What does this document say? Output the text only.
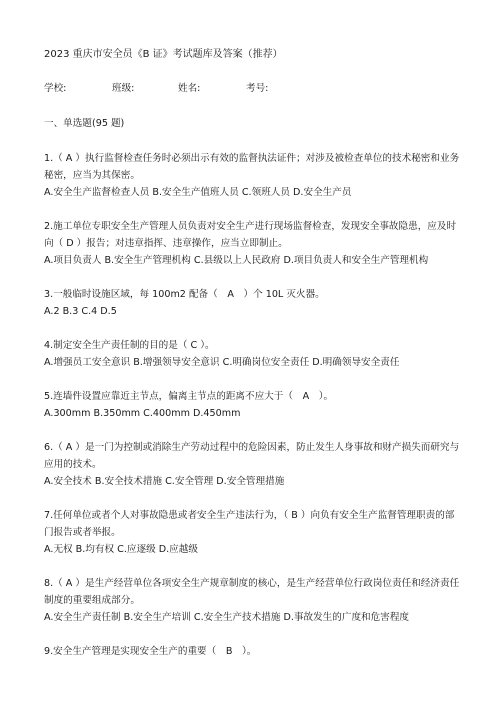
2023 重庆市安全员《B 证》考试题库及答案（推荐）
学校:	班级:	姓名:	考号:
一、单选题(95 题)

1.（ A ）执行监督检查任务时必须出示有效的监督执法证件；对涉及被检查单位的技术秘密和业务秘密，应当为其保密。

A.安全生产监督检查人员 B.安全生产值班人员 C.领班人员 D.安全生产员

2.施工单位专职安全生产管理人员负责对安全生产进行现场监督检查，发现安全事故隐患，应及时向（ D ）报告；对违章指挥、违章操作，应当立即制止。

A.项目负责人 B.安全生产管理机构 C.县级以上人民政府 D.项目负责人和安全生产管理机构

3.一般临时设施区域，每 100m2 配备（　A　）个 10L 灭火器。

A.2 B.3 C.4 D.5

4.制定安全生产责任制的目的是（ C ）。

A.增强员工安全意识 B.增强领导安全意识 C.明确岗位安全责任 D.明确领导安全责任

5.连墙件设置应靠近主节点，偏离主节点的距离不应大于（　A　）。

A.300mm B.350mm C.400mm D.450mm

6.（ A ）是一门为控制或消除生产劳动过程中的危险因素，防止发生人身事故和财产损失而研究与应用的技术。

A.安全技术 B.安全技术措施 C.安全管理 D.安全管理措施

7.任何单位或者个人对事故隐患或者安全生产违法行为，（ B ）向负有安全生产监督管理职责的部门报告或者举报。

A.无权 B.均有权 C.应逐级 D.应越级

8.（ A ）是生产经营单位各项安全生产规章制度的核心，是生产经营单位行政岗位责任和经济责任制度的重要组成部分。

A.安全生产责任制 B.安全生产培训 C.安全生产技术措施 D.事故发生的广度和危害程度

9.安全生产管理是实现安全生产的重要（　B　）。
